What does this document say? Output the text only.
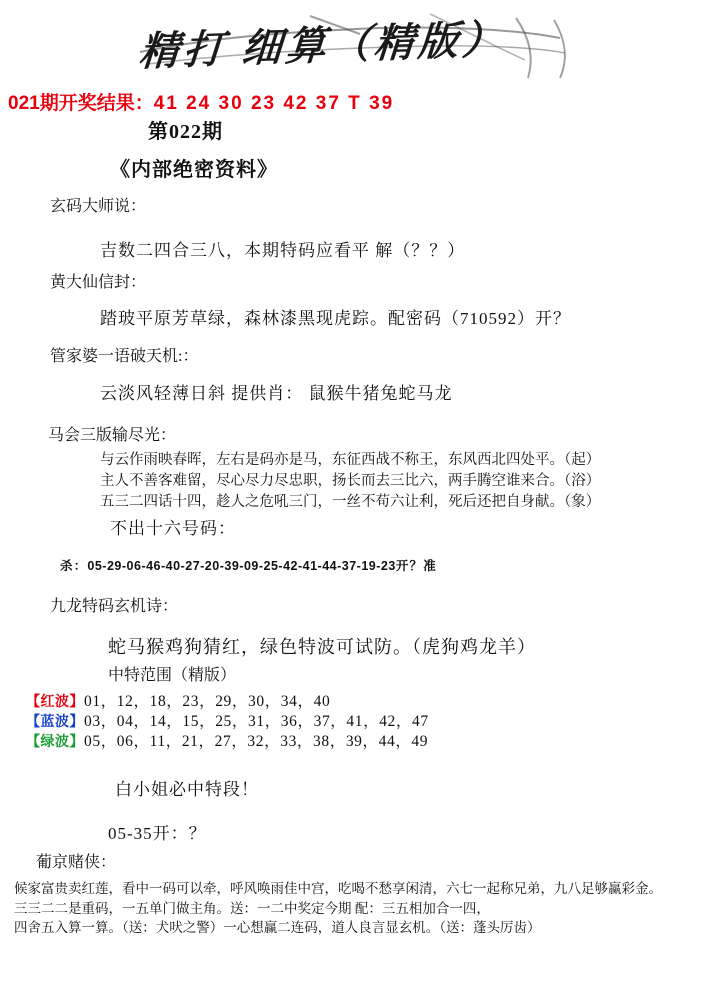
精打 细算（精版）
021期开奖结果：41 24 30 23 42 37 T 39
第022期
《内部绝密资料》
玄码大师说：
吉数二四合三八，本期特码应看平 解（？？）
黄大仙信封：
踏玻平原芳草绿，森林漆黑现虎踪。配密码（710592）开？
管家婆一语破天机:：
云淡风轻薄日斜 提供肖： 鼠猴牛猪兔蛇马龙
马会三版输尽光：
与云作雨映春晖，左右是码亦是马，东征西战不称王，东风西北四处平。（起）
主人不善客难留，尽心尽力尽忠职，扬长而去三比六，两手腾空谁来合。（浴）
五三二四话十四，趁人之危吼三门，一丝不苟六让利，死后还把自身献。（象）
不出十六号码：
杀：05-29-06-46-40-27-20-39-09-25-42-41-44-37-19-23开？准
九龙特码玄机诗：
蛇马猴鸡狗猜红，绿色特波可试防。（虎狗鸡龙羊）
中特范围（精版）
【红波】01，12，18，23，29，30，34，40
【蓝波】03，04，14，15，25，31，36，37，41，42，47
【绿波】05，06，11，21，27，32，33，38，39，44，49
白小姐必中特段！
05-35开：？
葡京赌侠：
候家富贵卖红莲，看中一码可以牵，呼风唤雨佳中宫，吃喝不愁享闲清，六七一起称兄弟，九八足够赢彩金。
三三二二是重码，一五单门做主角。送：一二中奖定今期 配：三五相加合一四，
四舍五入算一算。（送：犬吠之警）一心想赢二连码，道人良言显玄机。（送：蓬头厉齿）
